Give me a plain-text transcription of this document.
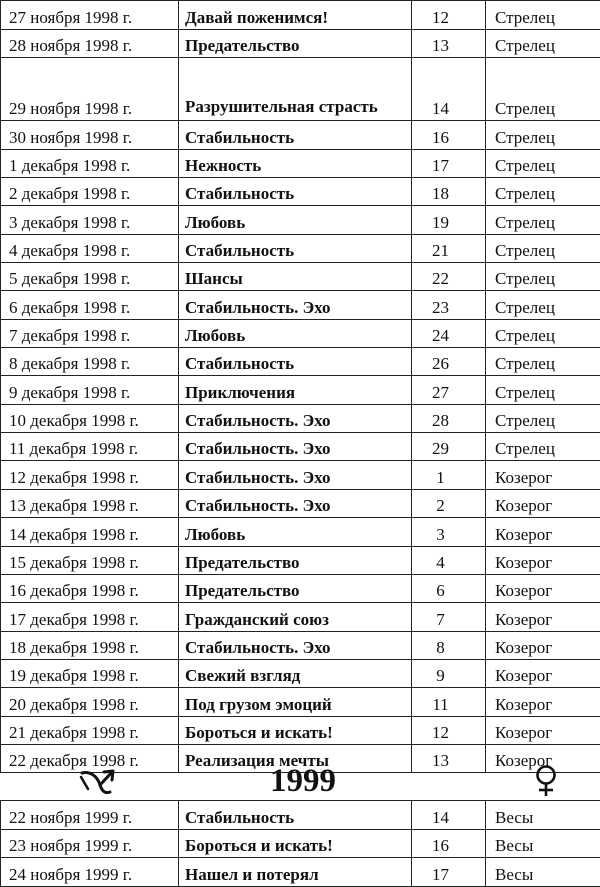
27 ноября 1998 г.	Давай поженимся!	12	Стрелец
28 ноября 1998 г.	Предательство	13	Стрелец
29 ноября 1998 г.	Разрушительная страсть	14	Стрелец
30 ноября 1998 г.	Стабильность	16	Стрелец
1 декабря 1998 г.	Нежность	17	Стрелец
2 декабря 1998 г.	Стабильность	18	Стрелец
3 декабря 1998 г.	Любовь	19	Стрелец
4 декабря 1998 г.	Стабильность	21	Стрелец
5 декабря 1998 г.	Шансы	22	Стрелец
6 декабря 1998 г.	Стабильность. Эхо	23	Стрелец
7 декабря 1998 г.	Любовь	24	Стрелец
8 декабря 1998 г.	Стабильность	26	Стрелец
9 декабря 1998 г.	Приключения	27	Стрелец
10 декабря 1998 г.	Стабильность. Эхо	28	Стрелец
11 декабря 1998 г.	Стабильность. Эхо	29	Стрелец
12 декабря 1998 г.	Стабильность. Эхо	1	Козерог
13 декабря 1998 г.	Стабильность. Эхо	2	Козерог
14 декабря 1998 г.	Любовь	3	Козерог
15 декабря 1998 г.	Предательство	4	Козерог
16 декабря 1998 г.	Предательство	6	Козерог
17 декабря 1998 г.	Гражданский союз	7	Козерог
18 декабря 1998 г.	Стабильность. Эхо	8	Козерог
19 декабря 1998 г.	Свежий взгляд	9	Козерог
20 декабря 1998 г.	Под грузом эмоций	11	Козерог
21 декабря 1998 г.	Бороться и искать!	12	Козерог
22 декабря 1998 г.	Реализация мечты	13	Козерог
1999
22 ноября 1999 г.	Стабильность	14	Весы
23 ноября 1999 г.	Бороться и искать!	16	Весы
24 ноября 1999 г.	Нашел и потерял	17	Весы
